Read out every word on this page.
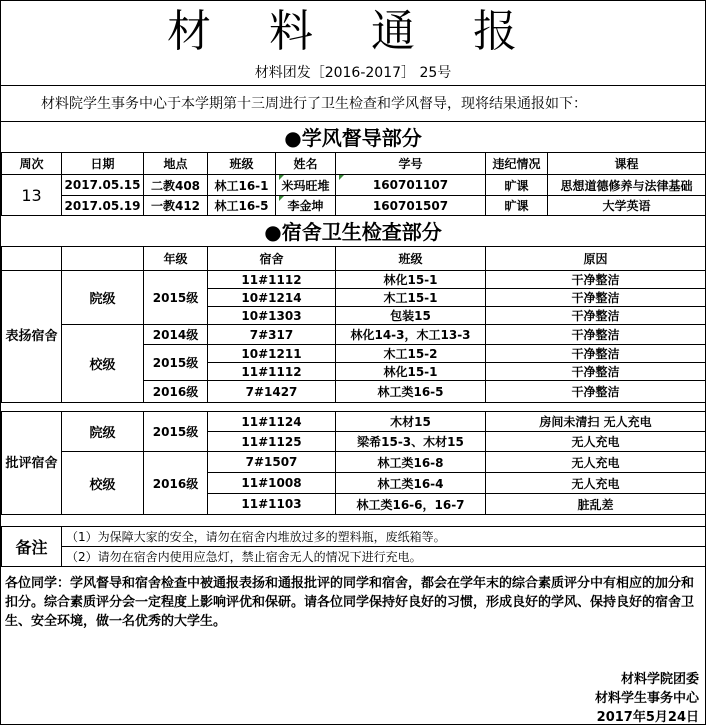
材 料 通 报
材料团发［2016-2017］ 25号
材料院学生事务中心于本学期第十三周进行了卫生检查和学风督导，现将结果通报如下：
●学风督导部分
周次	日期	地点	班级	姓名	学号	违纪情况	课程
13	2017.05.15	二教408	林工16-1	米玛旺堆	160701107	旷课	思想道德修养与法律基础
	2017.05.19	一教412	林工16-5	李金坤	160701507	旷课	大学英语
●宿舍卫生检查部分
		年级	宿舍	班级	原因
表扬宿舍	院级	2015级	11#1112	林化15-1	干净整洁
			10#1214	木工15-1	干净整洁
			10#1303	包装15	干净整洁
	校级	2014级	7#317	林化14-3，木工13-3	干净整洁
		2015级	10#1211	木工15-2	干净整洁
			11#1112	林化15-1	干净整洁
		2016级	7#1427	林工类16-5	干净整洁
批评宿舍	院级	2015级	11#1124	木材15	房间未清扫 无人充电
			11#1125	梁希15-3、木材15	无人充电
	校级	2016级	7#1507	林工类16-8	无人充电
			11#1008	林工类16-4	无人充电
			11#1103	林工类16-6，16-7	脏乱差
备注	（1）为保障大家的安全，请勿在宿舍内堆放过多的塑料瓶，废纸箱等。
（2）请勿在宿舍内使用应急灯，禁止宿舍无人的情况下进行充电。
各位同学：学风督导和宿舍检查中被通报表扬和通报批评的同学和宿舍，都会在学年末的综合素质评分中有相应的加分和扣分。综合素质评分会一定程度上影响评优和保研。请各位同学保持好良好的习惯，形成良好的学风、保持良好的宿舍卫生、安全环境，做一名优秀的大学生。
材料学院团委
材料学生事务中心
2017年5月24日
